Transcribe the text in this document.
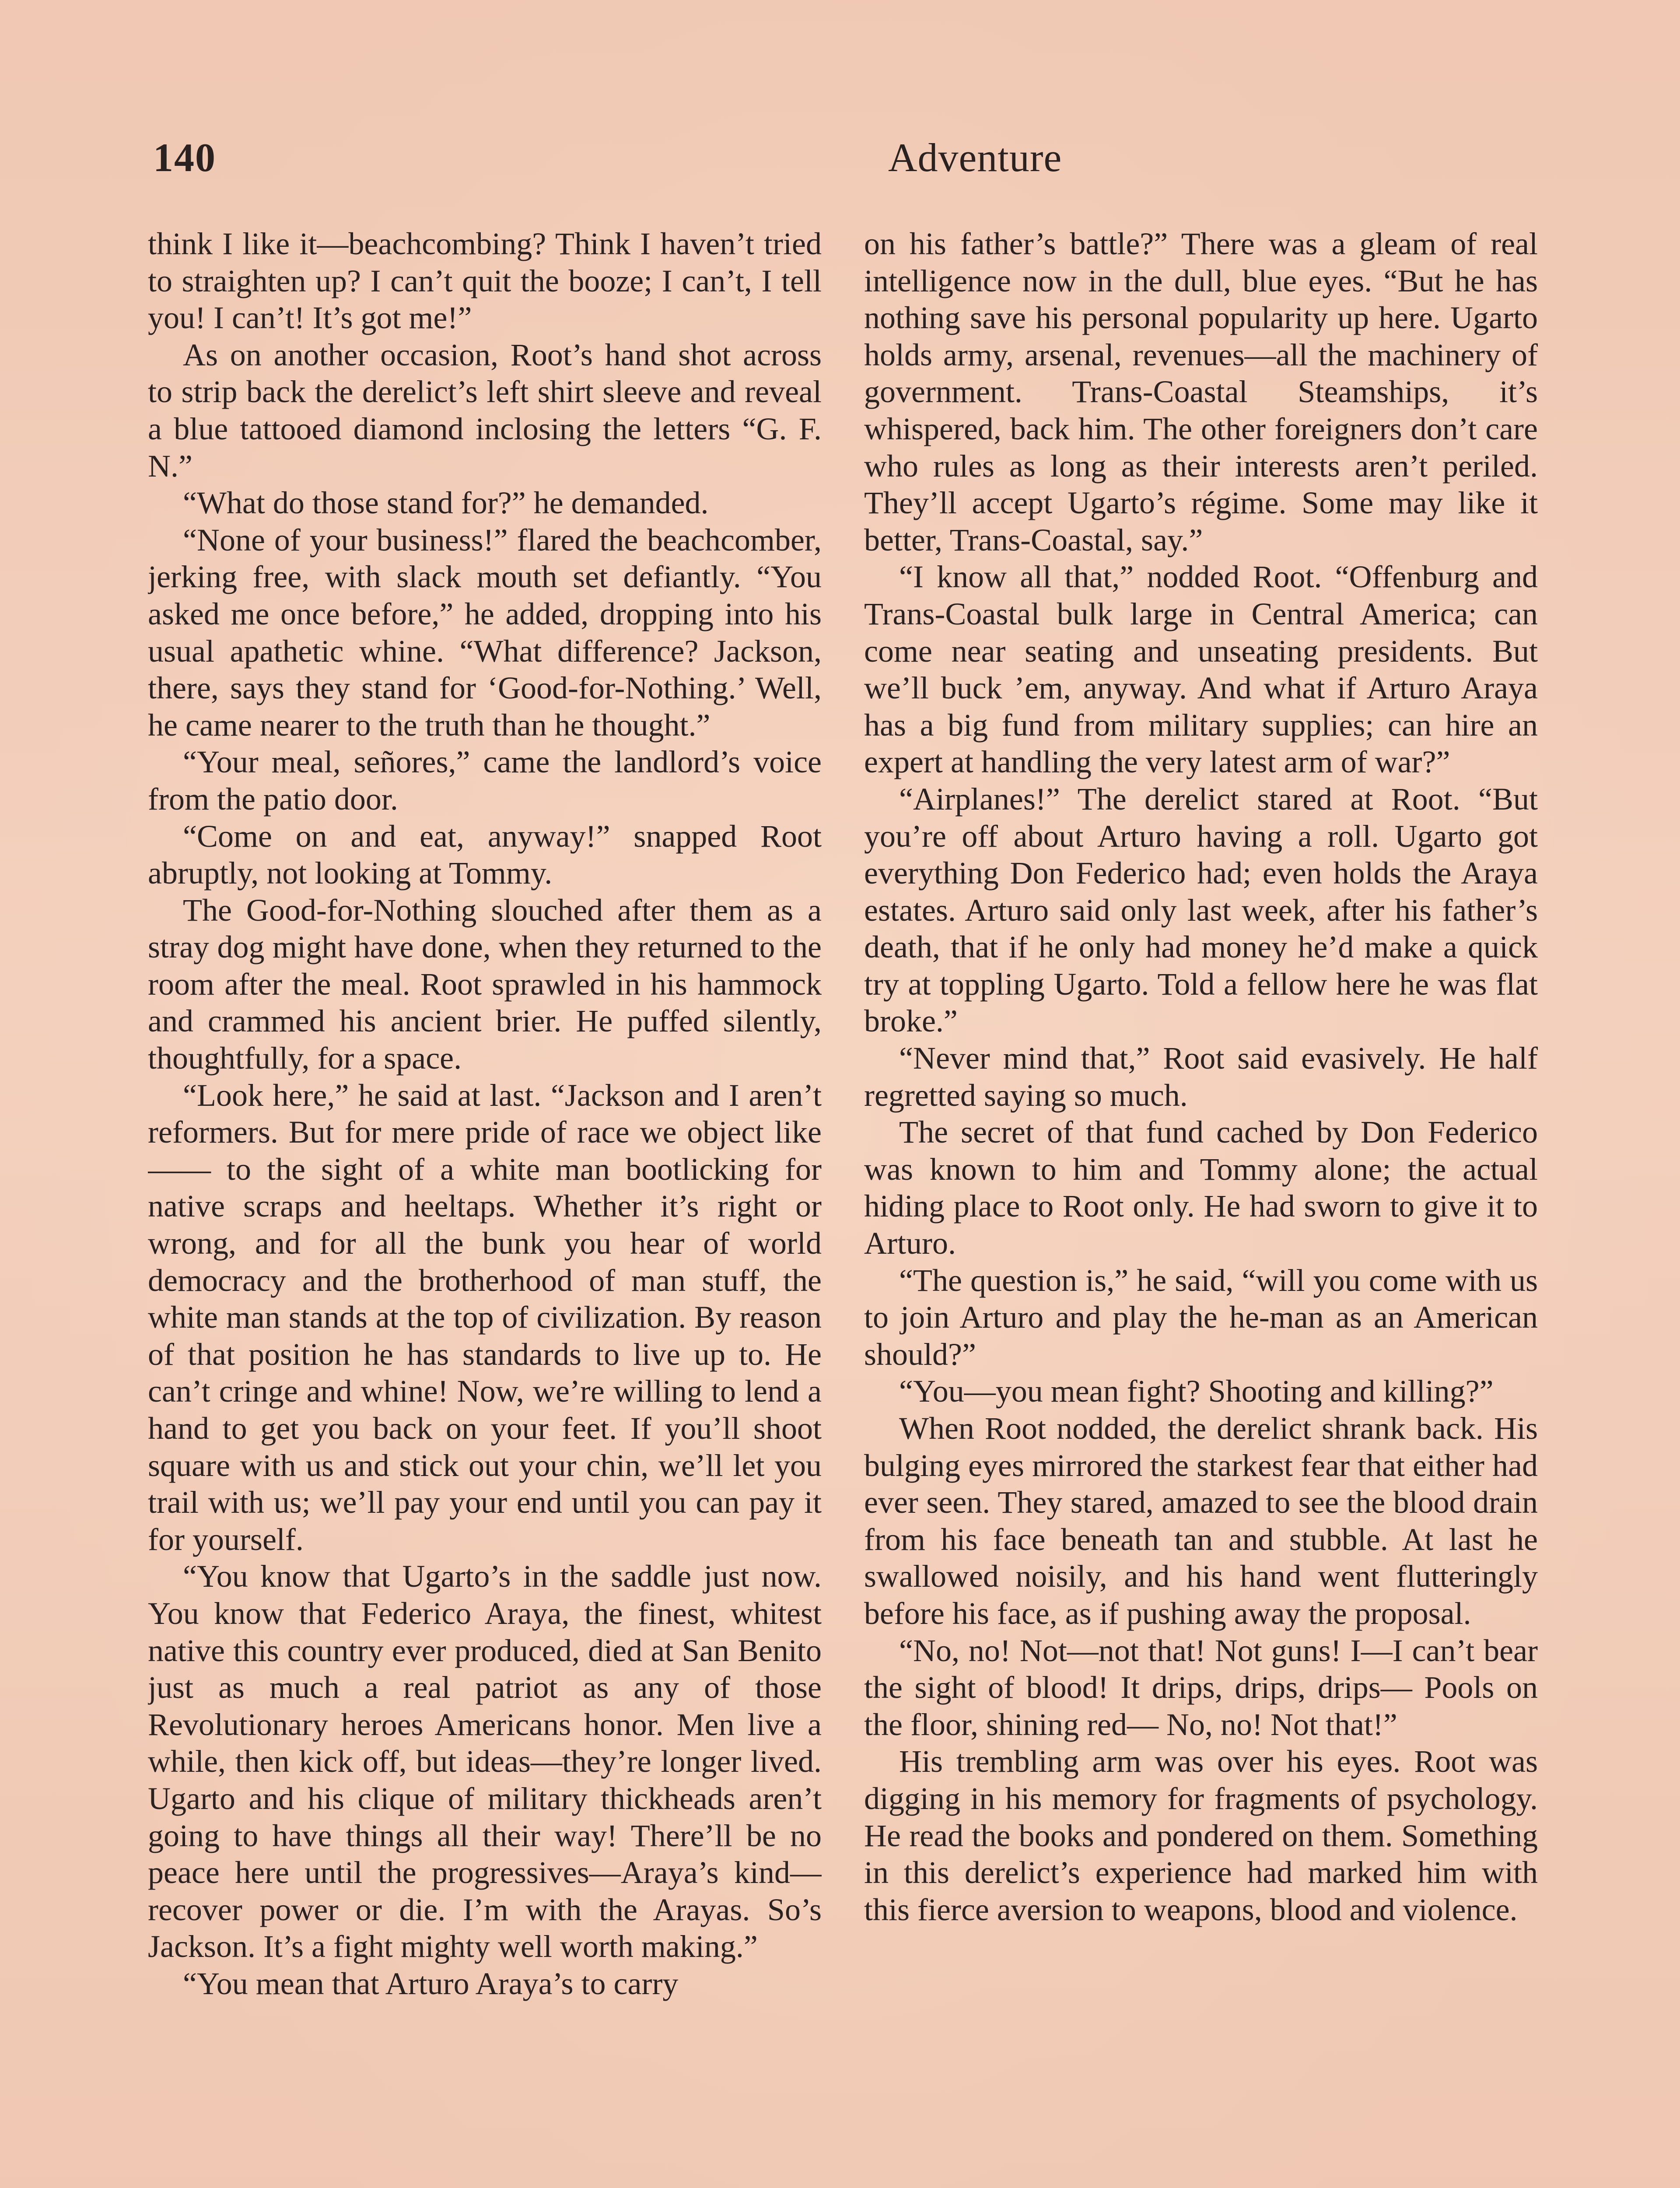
140	Adventure

think I like it—beachcombing? Think I haven’t tried to straighten up? I can’t quit the booze; I can’t, I tell you! I can’t! It’s got me!”

As on another occasion, Root’s hand shot across to strip back the derelict’s left shirt sleeve and reveal a blue tattooed diamond inclosing the letters “G. F. N.”

“What do those stand for?” he demanded.

“None of your business!” flared the beachcomber, jerking free, with slack mouth set defiantly. “You asked me once before,” he added, dropping into his usual apathetic whine. “What difference? Jackson, there, says they stand for ‘Good-for-Nothing.’ Well, he came nearer to the truth than he thought.”

“Your meal, señores,” came the landlord’s voice from the patio door.

“Come on and eat, anyway!” snapped Root abruptly, not looking at Tommy.

The Good-for-Nothing slouched after them as a stray dog might have done, when they returned to the room after the meal. Root sprawled in his hammock and crammed his ancient brier. He puffed silently, thoughtfully, for a space.

“Look here,” he said at last. “Jackson and I aren’t reformers. But for mere pride of race we object like —— to the sight of a white man bootlicking for native scraps and heeltaps. Whether it’s right or wrong, and for all the bunk you hear of world democracy and the brotherhood of man stuff, the white man stands at the top of civilization. By reason of that position he has standards to live up to. He can’t cringe and whine! Now, we’re willing to lend a hand to get you back on your feet. If you’ll shoot square with us and stick out your chin, we’ll let you trail with us; we’ll pay your end until you can pay it for yourself.

“You know that Ugarto’s in the saddle just now. You know that Federico Araya, the finest, whitest native this country ever produced, died at San Benito just as much a real patriot as any of those Revolutionary heroes Americans honor. Men live a while, then kick off, but ideas—they’re longer lived. Ugarto and his clique of military thickheads aren’t going to have things all their way! There’ll be no peace here until the progressives—Araya’s kind—recover power or die. I’m with the Arayas. So’s Jackson. It’s a fight mighty well worth making.”

“You mean that Arturo Araya’s to carry

on his father’s battle?” There was a gleam of real intelligence now in the dull, blue eyes. “But he has nothing save his personal popularity up here. Ugarto holds army, arsenal, revenues—all the machinery of government. Trans-Coastal Steamships, it’s whispered, back him. The other foreigners don’t care who rules as long as their interests aren’t periled. They’ll accept Ugarto’s régime. Some may like it better, Trans-Coastal, say.”

“I know all that,” nodded Root. “Offenburg and Trans-Coastal bulk large in Central America; can come near seating and unseating presidents. But we’ll buck ’em, anyway. And what if Arturo Araya has a big fund from military supplies; can hire an expert at handling the very latest arm of war?”

“Airplanes!” The derelict stared at Root. “But you’re off about Arturo having a roll. Ugarto got everything Don Federico had; even holds the Araya estates. Arturo said only last week, after his father’s death, that if he only had money he’d make a quick try at toppling Ugarto. Told a fellow here he was flat broke.”

“Never mind that,” Root said evasively. He half regretted saying so much.

The secret of that fund cached by Don Federico was known to him and Tommy alone; the actual hiding place to Root only. He had sworn to give it to Arturo.

“The question is,” he said, “will you come with us to join Arturo and play the he-man as an American should?”

“You—you mean fight? Shooting and killing?”

When Root nodded, the derelict shrank back. His bulging eyes mirrored the starkest fear that either had ever seen. They stared, amazed to see the blood drain from his face beneath tan and stubble. At last he swallowed noisily, and his hand went flutteringly before his face, as if pushing away the proposal.

“No, no! Not—not that! Not guns! I—I can’t bear the sight of blood! It drips, drips, drips— Pools on the floor, shining red— No, no! Not that!”

His trembling arm was over his eyes. Root was digging in his memory for fragments of psychology. He read the books and pondered on them. Something in this derelict’s experience had marked him with this fierce aversion to weapons, blood and violence.
